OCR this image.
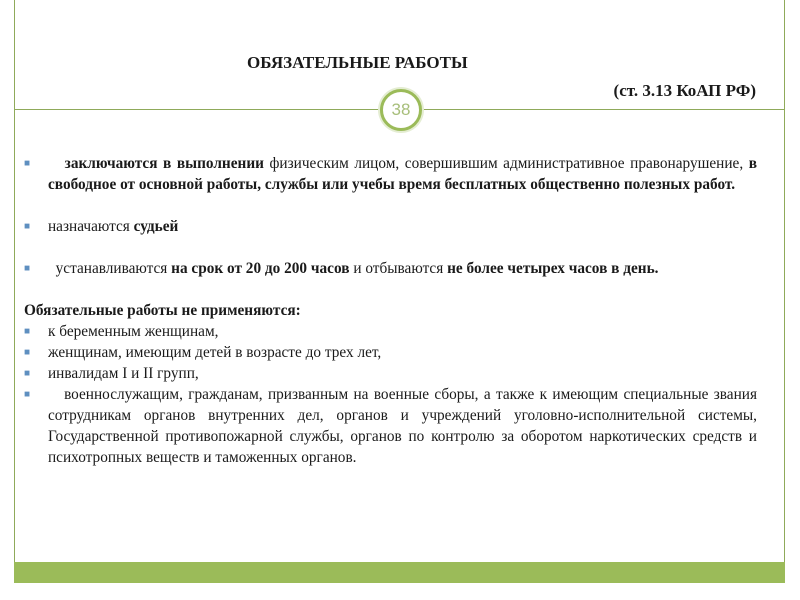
ОБЯЗАТЕЛЬНЫЕ РАБОТЫ
(ст. 3.13 КоАП РФ)
38
■ заключаются в выполнении физическим лицом, совершившим административное правонарушение, в свободное от основной работы, службы или учебы время бесплатных общественно полезных работ.
■ назначаются судьей
■ устанавливаются на срок от 20 до 200 часов и отбываются не более четырех часов в день.
Обязательные работы не применяются:
■ к беременным женщинам,
■ женщинам, имеющим детей в возрасте до трех лет,
■ инвалидам I и II групп,
■ военнослужащим, гражданам, призванным на военные сборы, а также к имеющим специальные звания сотрудникам органов внутренних дел, органов и учреждений уголовно-исполнительной системы, Государственной противопожарной службы, органов по контролю за оборотом наркотических средств и психотропных веществ и таможенных органов.
